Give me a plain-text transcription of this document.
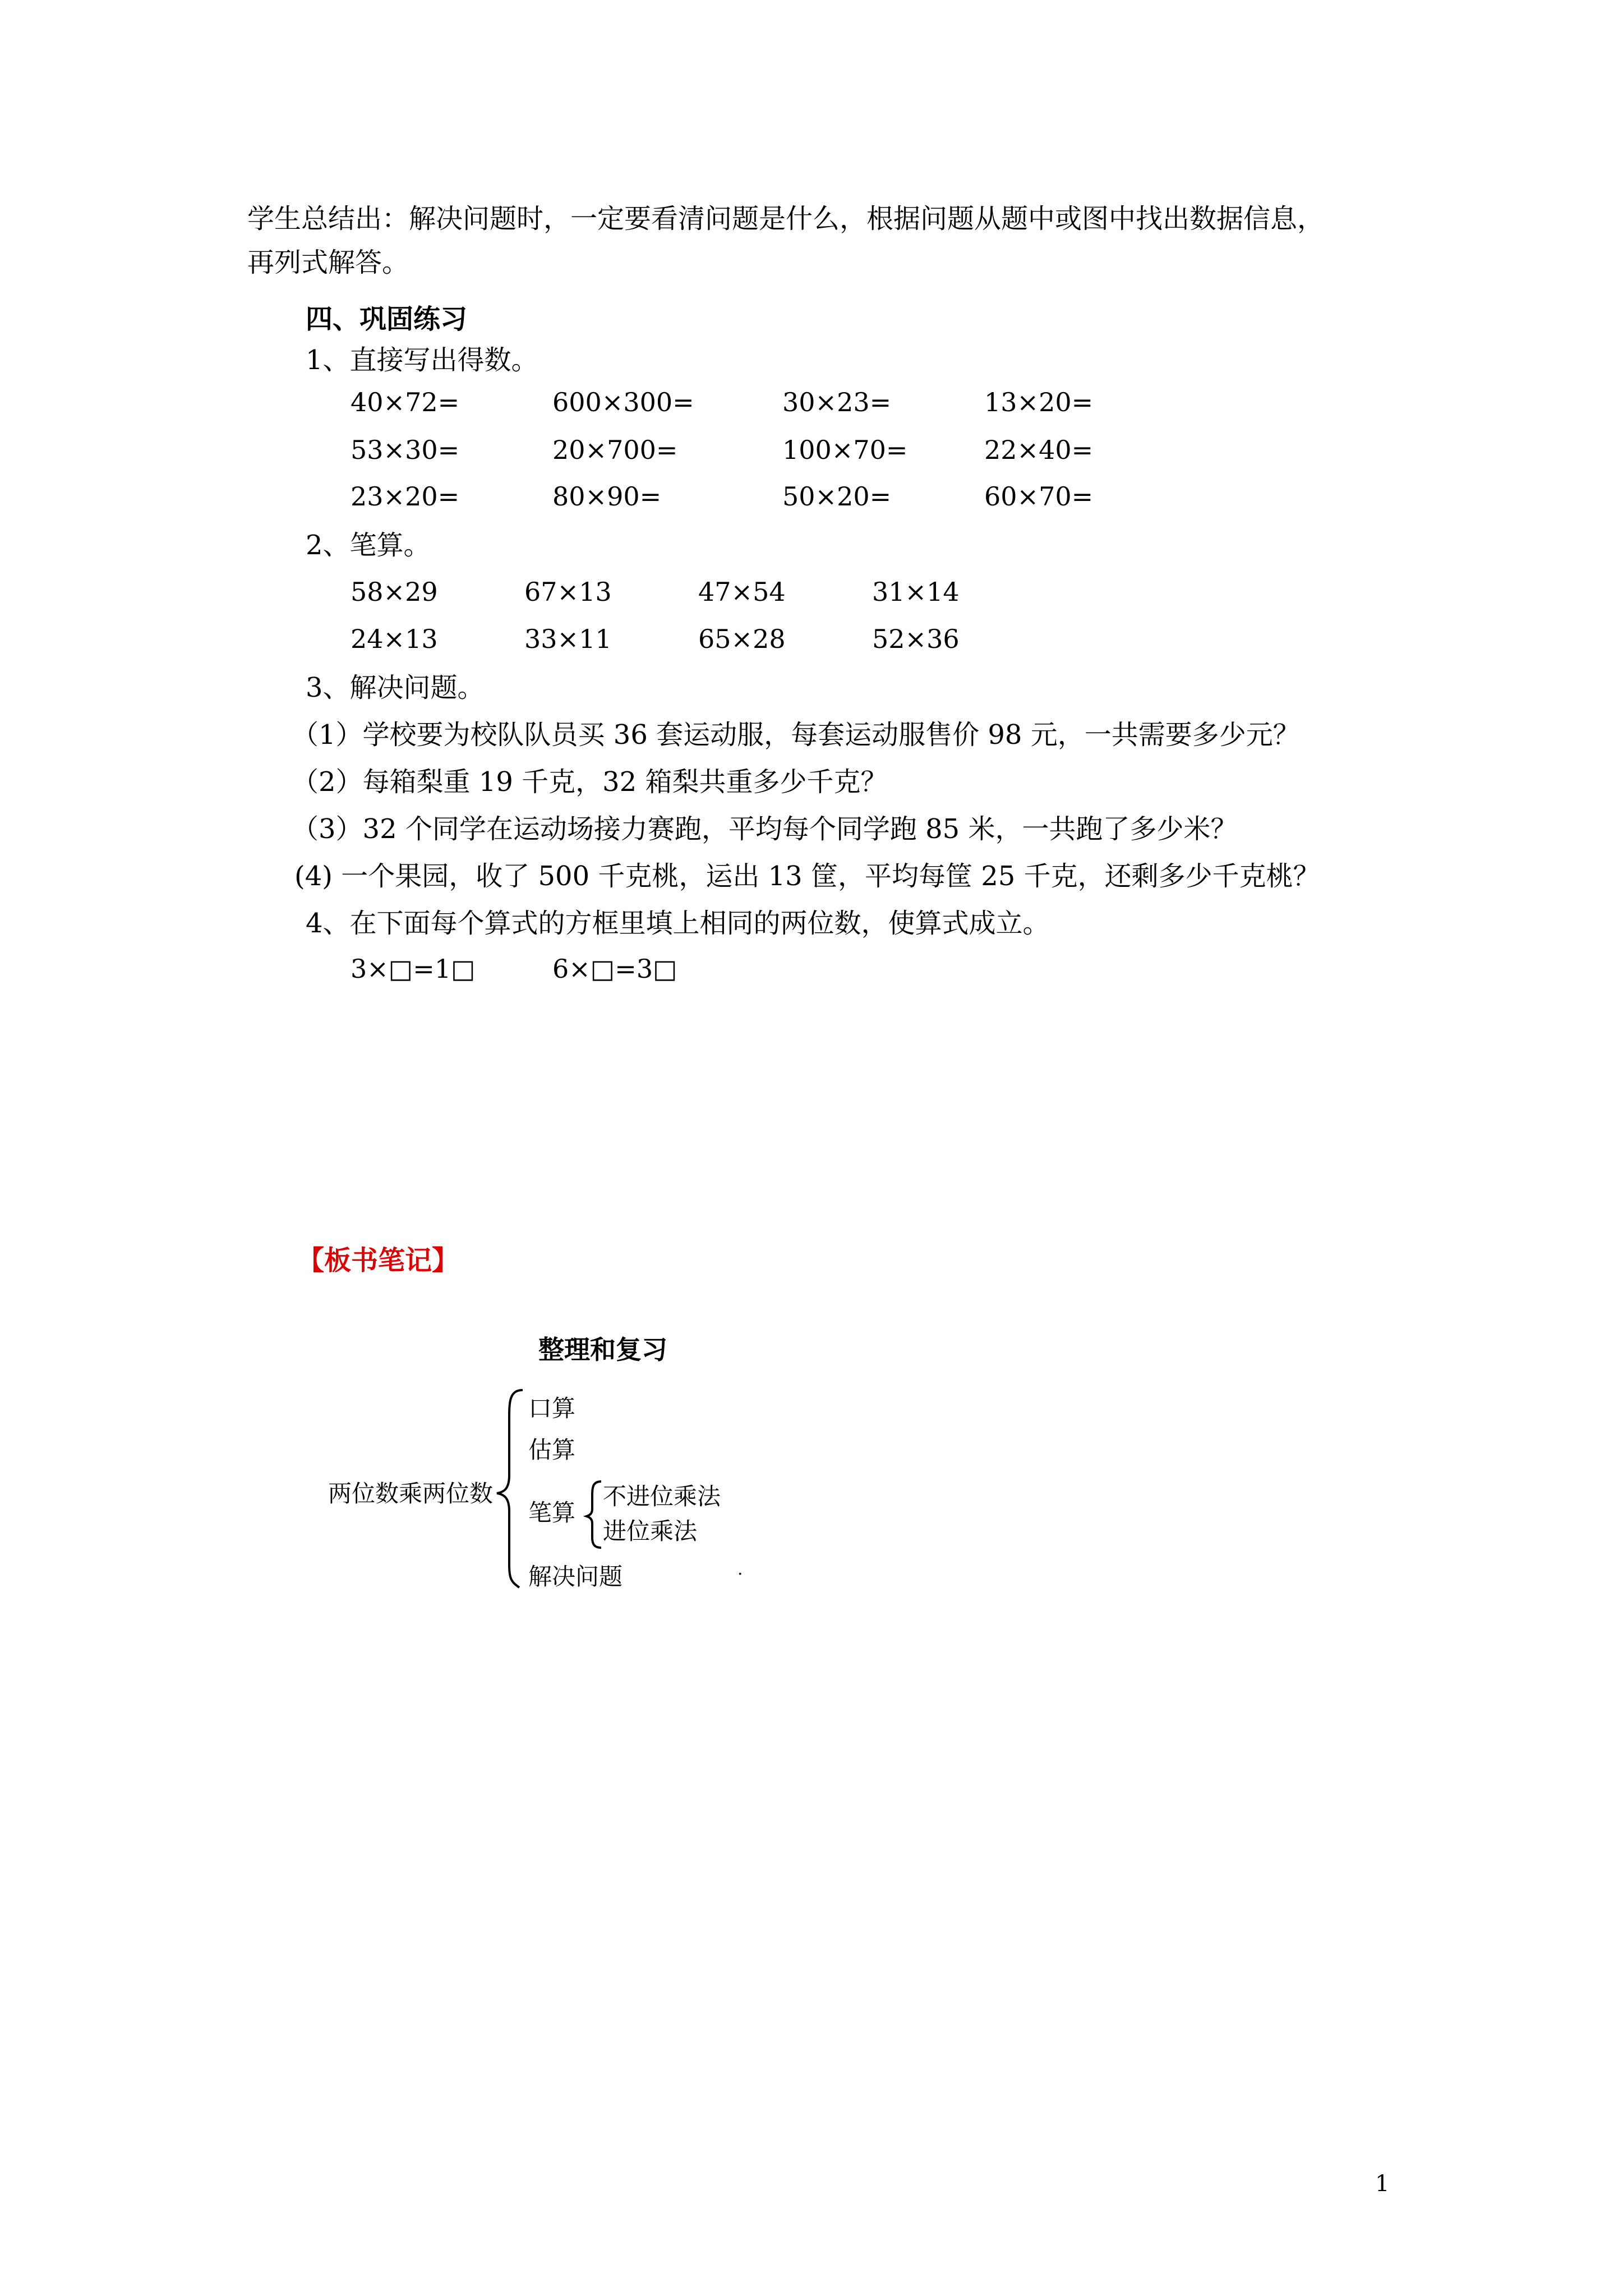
学生总结出：解决问题时，一定要看清问题是什么，根据问题从题中或图中找出数据信息，
再列式解答。
四、巩固练习
1、直接写出得数。
40×72=	600×300=	30×23=	13×20=
53×30=	20×700=	100×70=	22×40=
23×20=	80×90=	50×20=	60×70=
2、笔算。
58×29	67×13	47×54	31×14
24×13	33×11	65×28	52×36
3、解决问题。
（1）学校要为校队队员买 36 套运动服，每套运动服售价 98 元，一共需要多少元？
（2）每箱梨重 19 千克，32 箱梨共重多少千克？
（3）32 个同学在运动场接力赛跑，平均每个同学跑 85 米，一共跑了多少米？
(4) 一个果园，收了 500 千克桃，运出 13 筐，平均每筐 25 千克，还剩多少千克桃？
4、在下面每个算式的方框里填上相同的两位数，使算式成立。
3×□=1□	6×□=3□
【板书笔记】
整理和复习
两位数乘两位数
口算
估算
笔算
解决问题
不进位乘法
进位乘法
.
1
